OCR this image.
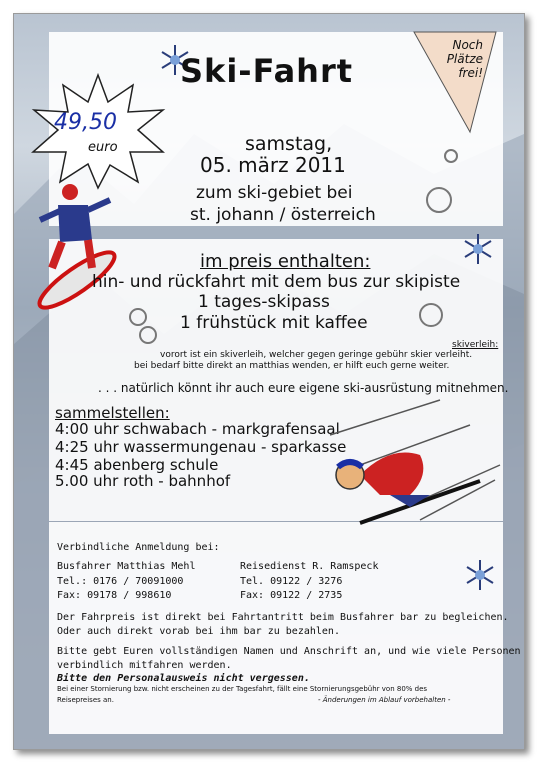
49,50
euro
Noch
Plätze
frei!
Ski-Fahrt
samstag,
05. märz 2011
zum ski-gebiet bei
st. johann / österreich
im preis enthalten:
hin- und rückfahrt mit dem bus zur skipiste
1 tages-skipass
1 frühstück mit kaffee
skiverleih:
vorort ist ein skiverleih, welcher gegen geringe gebühr skier verleiht.
bei bedarf bitte direkt an matthias wenden, er hilft euch gerne weiter.
. . . natürlich könnt ihr auch eure eigene ski-ausrüstung mitnehmen.
sammelstellen:
4:00 uhr schwabach - markgrafensaal
4:25 uhr wassermungenau - sparkasse
4:45 abenberg schule
5.00 uhr roth - bahnhof
Verbindliche Anmeldung bei:
Busfahrer Matthias Mehl
Tel.: 0176 / 70091000
Fax: 09178 / 998610
Reisedienst R. Ramspeck
Tel. 09122 / 3276
Fax: 09122 / 2735
Der Fahrpreis ist direkt bei Fahrtantritt beim Busfahrer bar zu begleichen.
Oder auch direkt vorab bei ihm bar zu bezahlen.
Bitte gebt Euren vollständigen Namen und Anschrift an, und wie viele Personen
verbindlich mitfahren werden.
Bitte den Personalausweis nicht vergessen.
Bei einer Stornierung bzw. nicht erscheinen zu der Tagesfahrt, fällt eine Stornierungsgebühr von 80% des
Reisepreises an.	- Änderungen im Ablauf vorbehalten -
